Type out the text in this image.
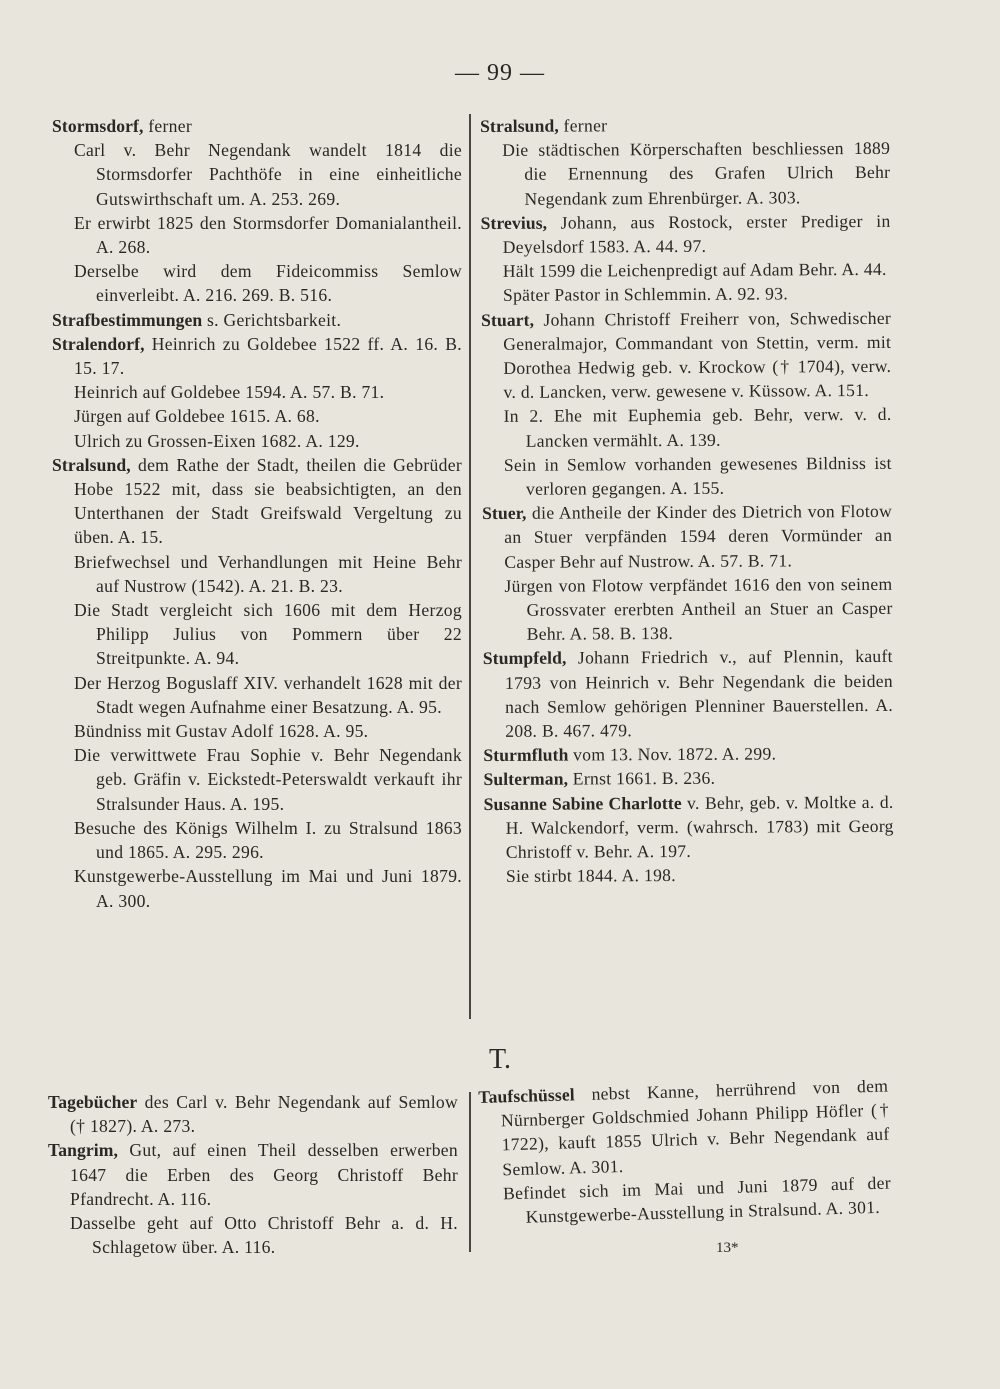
— 99 —

Stormsdorf, ferner

Carl v. Behr Negendank wandelt 1814 die Stormsdorfer Pachthöfe in eine einheitliche Gutswirthschaft um. A. 253. 269.

Er erwirbt 1825 den Stormsdorfer Domanialantheil. A. 268.

Derselbe wird dem Fideicommiss Semlow einverleibt. A. 216. 269. B. 516.

Strafbestimmungen s. Gerichtsbarkeit.

Stralendorf, Heinrich zu Goldebee 1522 ff. A. 16. B. 15. 17.

Heinrich auf Goldebee 1594. A. 57. B. 71.

Jürgen auf Goldebee 1615. A. 68.

Ulrich zu Grossen-Eixen 1682. A. 129.

Stralsund, dem Rathe der Stadt, theilen die Gebrüder Hobe 1522 mit, dass sie beabsichtigten, an den Unterthanen der Stadt Greifswald Vergeltung zu üben. A. 15.

Briefwechsel und Verhandlungen mit Heine Behr auf Nustrow (1542). A. 21. B. 23.

Die Stadt vergleicht sich 1606 mit dem Herzog Philipp Julius von Pommern über 22 Streitpunkte. A. 94.

Der Herzog Boguslaff XIV. verhandelt 1628 mit der Stadt wegen Aufnahme einer Besatzung. A. 95.

Bündniss mit Gustav Adolf 1628. A. 95.

Die verwittwete Frau Sophie v. Behr Negendank geb. Gräfin v. Eickstedt-Peterswaldt verkauft ihr Stralsunder Haus. A. 195.

Besuche des Königs Wilhelm I. zu Stralsund 1863 und 1865. A. 295. 296.

Kunstgewerbe-Ausstellung im Mai und Juni 1879. A. 300.

Stralsund, ferner

Die städtischen Körperschaften beschliessen 1889 die Ernennung des Grafen Ulrich Behr Negendank zum Ehrenbürger. A. 303.

Strevius, Johann, aus Rostock, erster Prediger in Deyelsdorf 1583. A. 44. 97.

Hält 1599 die Leichenpredigt auf Adam Behr. A. 44.

Später Pastor in Schlemmin. A. 92. 93.

Stuart, Johann Christoff Freiherr von, Schwedischer Generalmajor, Commandant von Stettin, verm. mit Dorothea Hedwig geb. v. Krockow († 1704), verw. v. d. Lancken, verw. gewesene v. Küssow. A. 151.

In 2. Ehe mit Euphemia geb. Behr, verw. v. d. Lancken vermählt. A. 139.

Sein in Semlow vorhanden gewesenes Bildniss ist verloren gegangen. A. 155.

Stuer, die Antheile der Kinder des Dietrich von Flotow an Stuer verpfänden 1594 deren Vormünder an Casper Behr auf Nustrow. A. 57. B. 71.

Jürgen von Flotow verpfändet 1616 den von seinem Grossvater ererbten Antheil an Stuer an Casper Behr. A. 58. B. 138.

Stumpfeld, Johann Friedrich v., auf Plennin, kauft 1793 von Heinrich v. Behr Negendank die beiden nach Semlow gehörigen Plenniner Bauerstellen. A. 208. B. 467. 479.

Sturmfluth vom 13. Nov. 1872. A. 299.

Sulterman, Ernst 1661. B. 236.

Susanne Sabine Charlotte v. Behr, geb. v. Moltke a. d. H. Walckendorf, verm. (wahrsch. 1783) mit Georg Christoff v. Behr. A. 197.

Sie stirbt 1844. A. 198.

T.

Tagebücher des Carl v. Behr Negendank auf Semlow († 1827). A. 273.

Tangrim, Gut, auf einen Theil desselben erwerben 1647 die Erben des Georg Christoff Behr Pfandrecht. A. 116.

Dasselbe geht auf Otto Christoff Behr a. d. H. Schlagetow über. A. 116.

Taufschüssel nebst Kanne, herrührend von dem Nürnberger Goldschmied Johann Philipp Höfler († 1722), kauft 1855 Ulrich v. Behr Negendank auf Semlow. A. 301.

Befindet sich im Mai und Juni 1879 auf der Kunstgewerbe-Ausstellung in Stralsund. A. 301.

13*
